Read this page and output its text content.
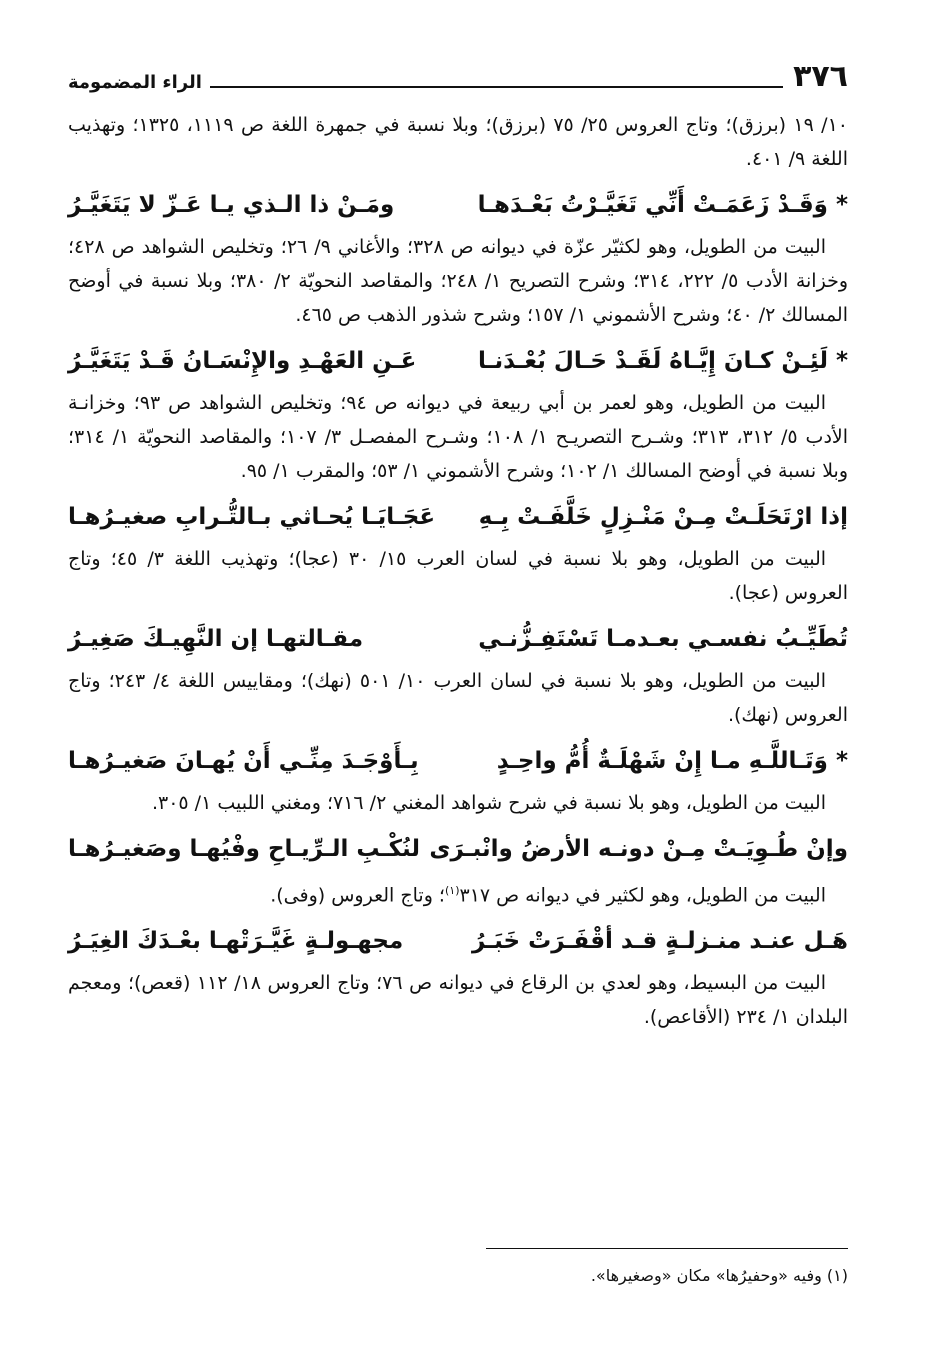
٣٧٦
الراء المضمومة

١٠/ ١٩ (برزق)؛ وتاج العروس ٢٥/ ٧٥ (برزق)؛ وبلا نسبة في جمهرة اللغة ص ١١١٩، ١٣٢٥؛ وتهذيب اللغة ٩/ ٤٠١.

* وَقَـدْ زَعَمَـتْ أَنِّي تَغَيَّـرْتُ بَعْـدَهـا
ومَـنْ ذا الـذي يـا عَـزّ لا يَتَغَيَّـرُ

البيت من الطويل، وهو لكثيّر عزّة في ديوانه ص ٣٢٨؛ والأغاني ٩/ ٢٦؛ وتخليص الشواهد ص ٤٢٨؛ وخزانة الأدب ٥/ ٢٢٢، ٣١٤؛ وشرح التصريح ١/ ٢٤٨؛ والمقاصد النحويّة ٢/ ٣٨٠؛ وبلا نسبة في أوضح المسالك ٢/ ٤٠؛ وشرح الأشموني ١/ ١٥٧؛ وشرح شذور الذهب ص ٤٦٥.

* لَئِـنْ كـانَ إِيَّـاهُ لَقَـدْ حَـالَ بُعْـدَنـا
عَـنِ العَهْـدِ والإِنْسَـانُ قَـدْ يَتَغَيَّـرُ

البيت من الطويل، وهو لعمر بن أبي ربيعة في ديوانه ص ٩٤؛ وتخليص الشواهد ص ٩٣؛ وخزانـة الأدب ٥/ ٣١٢، ٣١٣؛ وشـرح التصريـح ١/ ١٠٨؛ وشـرح المفصـل ٣/ ١٠٧؛ والمقاصد النحويّة ١/ ٣١٤؛ وبلا نسبة في أوضح المسالك ١/ ١٠٢؛ وشرح الأشموني ١/ ٥٣؛ والمقرب ١/ ٩٥.

إذا ارْتَحَلَـتْ مِـنْ مَنْـزِلٍ خَلَّفَـتْ بِـهِ
عَجَـايَـا يُحـاثي بـالتُّـرابِ صغيـرُهـا

البيت من الطويل، وهو بلا نسبة في لسان العرب ١٥/ ٣٠ (عجا)؛ وتهذيب اللغة ٣/ ٤٥؛ وتاج العروس (عجا).

تُطَيِّـبُ نفسـي بعـدمـا تَسْتَفِـزُّنـي
مقـالتهـا إن النَّهِيـكَ صَغِيـرُ

البيت من الطويل، وهو بلا نسبة في لسان العرب ١٠/ ٥٠١ (نهك)؛ ومقاييس اللغة ٤/ ٢٤٣؛ وتاج العروس (نهك).

* وَتَـاللَّـهِ مـا إِنْ شَهْلَـةٌ أُمُّ واحِـدٍ
بِـأَوْجَـدَ مِنِّـي أَنْ يُهـانَ صَغيـرُهـا

البيت من الطويل، وهو بلا نسبة في شرح شواهد المغني ٢/ ٧١٦؛ ومغني اللبيب ١/ ٣٠٥.

وإنْ طُـوِيَـتْ مِـنْ دونـه الأرضُ وانْبـرَى
لنُكْـبِ الـرِّيـاحِ وفْيُهـا وصَغيـرُهـا

البيت من الطويل، وهو لكثير في ديوانه ص ٣١٧$^{(١)}$؛ وتاج العروس (وفى).

هَـل عنـد منـزلـةٍ قـد أقْفَـرَتْ خَبَـرُ
مجهـولـةٍ غَيَّـرَتْهـا بعْـدَكَ الغِيَـرُ

البيت من البسيط، وهو لعدي بن الرقاع في ديوانه ص ٧٦؛ وتاج العروس ١٨/ ١١٢ (قعص)؛ ومعجم البلدان ١/ ٢٣٤ (الأقاعص).

(١) وفيه «وحفيرُها» مكان «وصغيرها».
